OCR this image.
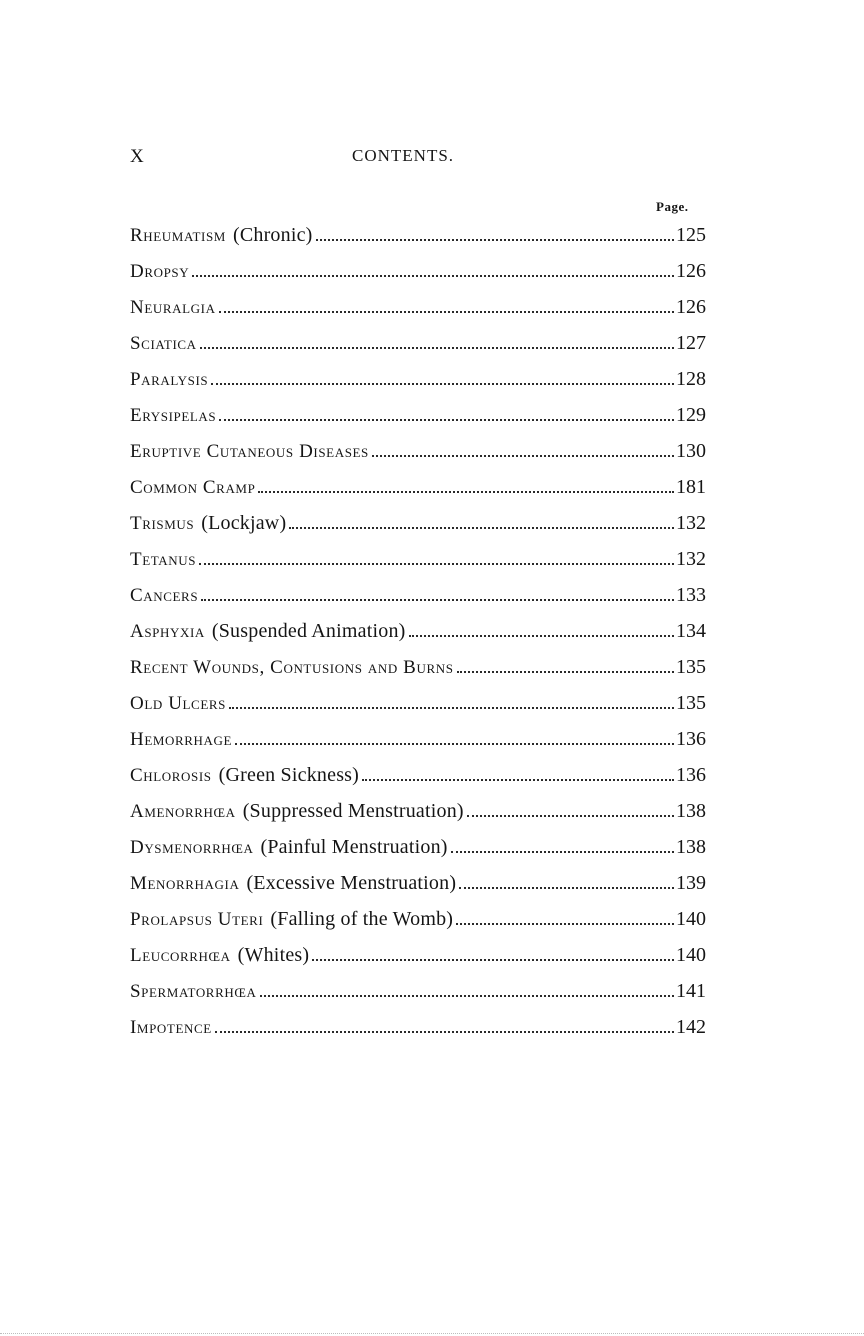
X	CONTENTS.
Page.
Rheumatism (Chronic)	125
Dropsy	126
Neuralgia	126
Sciatica	127
Paralysis	128
Erysipelas	129
Eruptive Cutaneous Diseases	130
Common Cramp	181
Trismus (Lockjaw)	132
Tetanus	132
Cancers	133
Asphyxia (Suspended Animation)	134
Recent Wounds, Contusions and Burns	135
Old Ulcers	135
Hemorrhage	136
Chlorosis (Green Sickness)	136
Amenorrhœa (Suppressed Menstruation)	138
Dysmenorrhœa (Painful Menstruation)	138
Menorrhagia (Excessive Menstruation)	139
Prolapsus Uteri (Falling of the Womb)	140
Leucorrhœa (Whites)	140
Spermatorrhœa	141
Impotence	142
